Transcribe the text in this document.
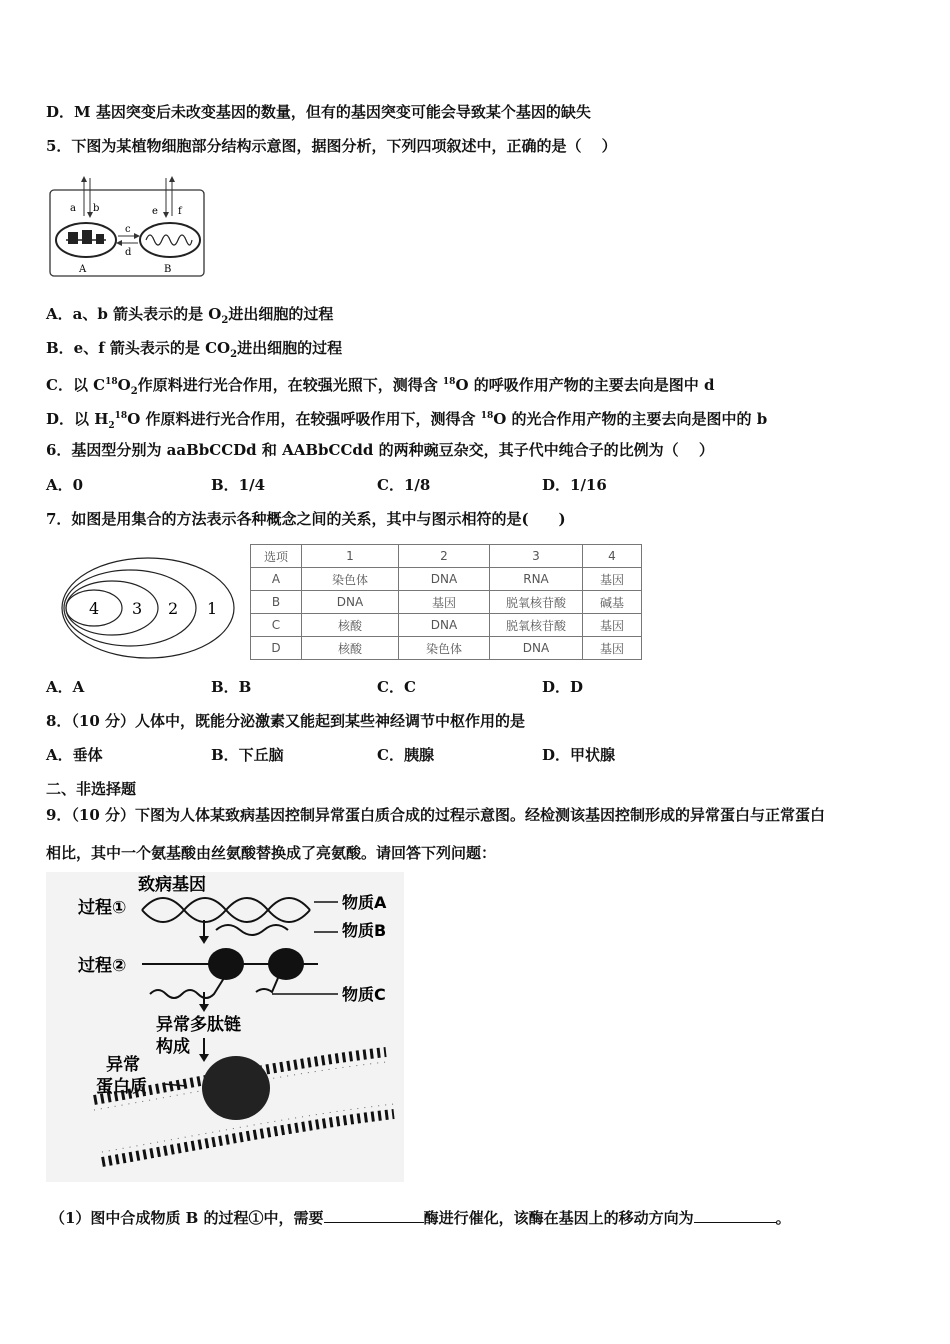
D．M 基因突变后未改变基因的数量，但有的基因突变可能会导致某个基因的缺失
5．下图为某植物细胞部分结构示意图，据图分析，下列四项叙述中，正确的是（　 ）
a b	e f
c
d
A	B
A．a、b 箭头表示的是 $O_2$进出细胞的过程
B．e、f 箭头表示的是 $CO_2$进出细胞的过程
C．以 $C^{18}O_2$作原料进行光合作用，在较强光照下，测得含 $^{18}$O 的呼吸作用产物的主要去向是图中 d
D．以 $H_2^{18}O$ 作原料进行光合作用，在较强呼吸作用下，测得含 $^{18}$O 的光合作用产物的主要去向是图中的 b
6．基因型分别为 aaBbCCDd 和 AABbCCdd 的两种豌豆杂交，其子代中纯合子的比例为（　 ）
A．0	B．1/4	C．1/8	D．1/16
7．如图是用集合的方法表示各种概念之间的关系，其中与图示相符的是(　　)
4 3 2 1
选项	1	2	3	4
A	染色体	DNA	RNA	基因
B	DNA	基因	脱氧核苷酸	碱基
C	核酸	DNA	脱氧核苷酸	基因
D	核酸	染色体	DNA	基因
A．A	B．B	C．C	D．D
8．（10 分）人体中，既能分泌激素又能起到某些神经调节中枢作用的是
A．垂体	B．下丘脑	C．胰腺	D．甲状腺
二、非选择题
9．（10 分）下图为人体某致病基因控制异常蛋白质合成的过程示意图。经检测该基因控制形成的异常蛋白与正常蛋白
相比，其中一个氨基酸由丝氨酸替换成了亮氨酸。请回答下列问题：
致病基因
过程①	物质A
物质B
过程②
物质C
异常多肽链
构成
异常
蛋白质
（1）图中合成物质 B 的过程①中，需要	酶进行催化，该酶在基因上的移动方向为	。
